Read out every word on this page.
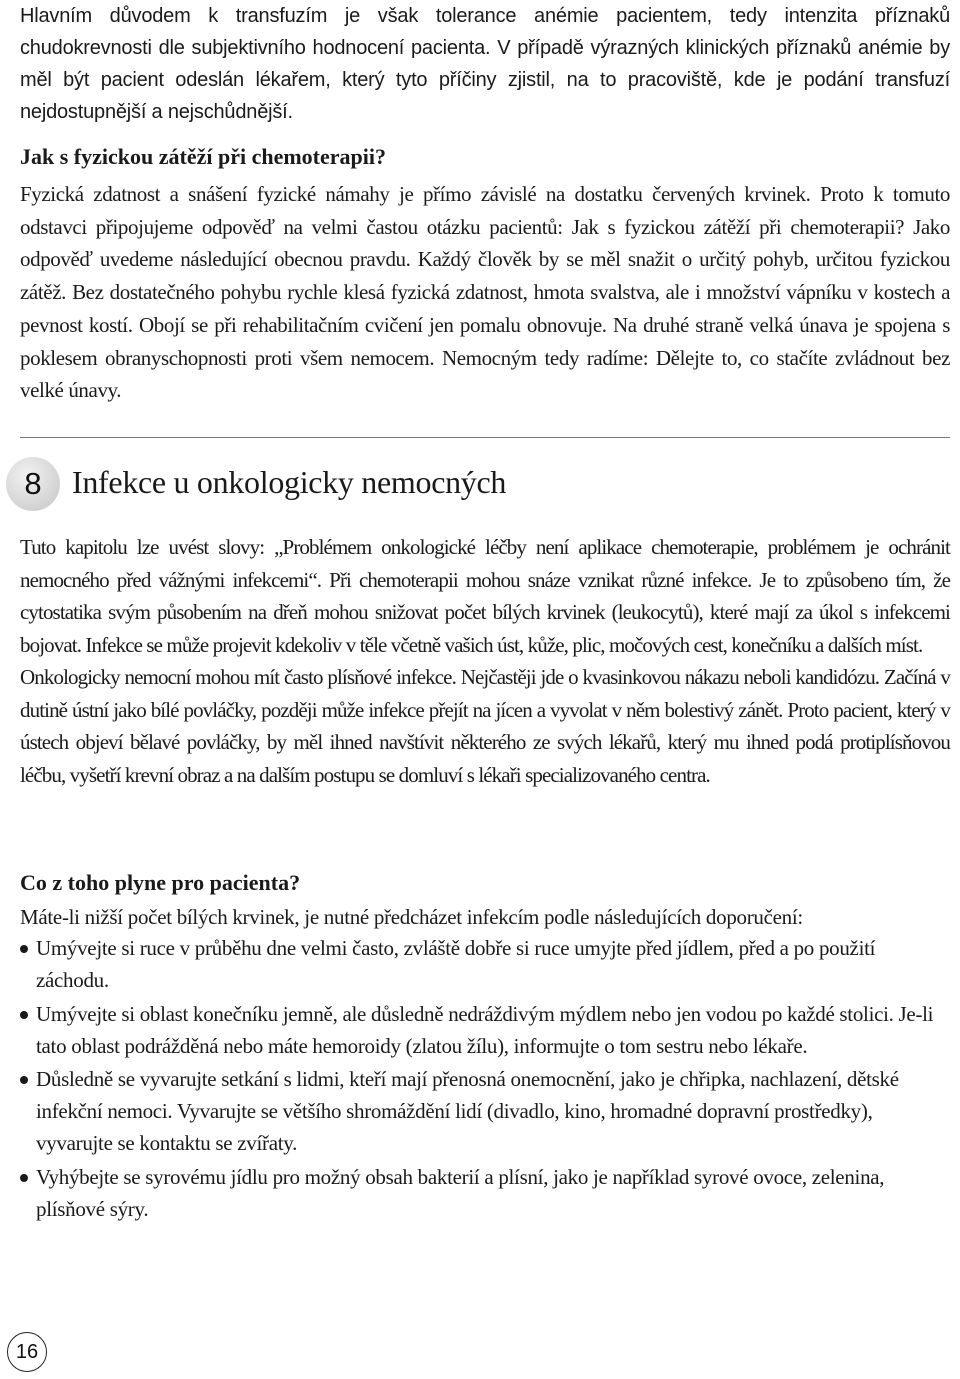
Hlavním důvodem k transfuzím je však tolerance anémie pacientem, tedy intenzita příznaků chudokrevnosti dle subjektivního hodnocení pacienta. V případě výrazných klinických příznaků anémie by měl být pacient odeslán lékařem, který tyto příčiny zjistil, na to pracoviště, kde je podání transfuzí nejdostupnější a nejschůdnější.

Jak s fyzickou zátěží při chemoterapii?

Fyzická zdatnost a snášení fyzické námahy je přímo závislé na dostatku červených krvinek. Proto k tomuto odstavci připojujeme odpověď na velmi častou otázku pacientů: Jak s fyzickou zátěží při chemoterapii? Jako odpověď uvedeme následující obecnou pravdu. Každý člověk by se měl snažit o určitý pohyb, určitou fyzickou zátěž. Bez dostatečného pohybu rychle klesá fyzická zdatnost, hmota svalstva, ale i množství vápníku v kostech a pevnost kostí. Obojí se při rehabilitačním cvičení jen pomalu obnovuje. Na druhé straně velká únava je spojena s poklesem obranyschopnosti proti všem nemocem. Nemocným tedy radíme: Dělejte to, co stačíte zvládnout bez velké únavy.

8 Infekce u onkologicky nemocných

Tuto kapitolu lze uvést slovy: „Problémem onkologické léčby není aplikace chemoterapie, problémem je ochránit nemocného před vážnými infekcemi“. Při chemoterapii mohou snáze vznikat různé infekce. Je to způsobeno tím, že cytostatika svým působením na dřeň mohou snižovat počet bílých krvinek (leukocytů), které mají za úkol s infekcemi bojovat. Infekce se může projevit kdekoliv v těle včetně vašich úst, kůže, plic, močových cest, konečníku a dalších míst.

Onkologicky nemocní mohou mít často plísňové infekce. Nejčastěji jde o kvasinkovou nákazu neboli kandidózu. Začíná v dutině ústní jako bílé povláčky, později může infekce přejít na jícen a vyvolat v něm bolestivý zánět. Proto pacient, který v ústech objeví bělavé povláčky, by měl ihned navštívit některého ze svých lékařů, který mu ihned podá protiplísňovou léčbu, vyšetří krevní obraz a na dalším postupu se domluví s lékaři specializovaného centra.

Co z toho plyne pro pacienta?

Máte-li nižší počet bílých krvinek, je nutné předcházet infekcím podle následujících doporučení:

Umývejte si ruce v průběhu dne velmi často, zvláště dobře si ruce umyjte před jídlem, před a po použití záchodu.
Umývejte si oblast konečníku jemně, ale důsledně nedráždivým mýdlem nebo jen vodou po každé stolici. Je-li tato oblast podrážděná nebo máte hemoroidy (zlatou žílu), informujte o tom sestru nebo lékaře.
Důsledně se vyvarujte setkání s lidmi, kteří mají přenosná onemocnění, jako je chřipka, nachlazení, dětské infekční nemoci. Vyvarujte se většího shromáždění lidí (divadlo, kino, hromadné dopravní prostředky), vyvarujte se kontaktu se zvířaty.
Vyhýbejte se syrovému jídlu pro možný obsah bakterií a plísní, jako je například syrové ovoce, zelenina, plísňové sýry.
16
